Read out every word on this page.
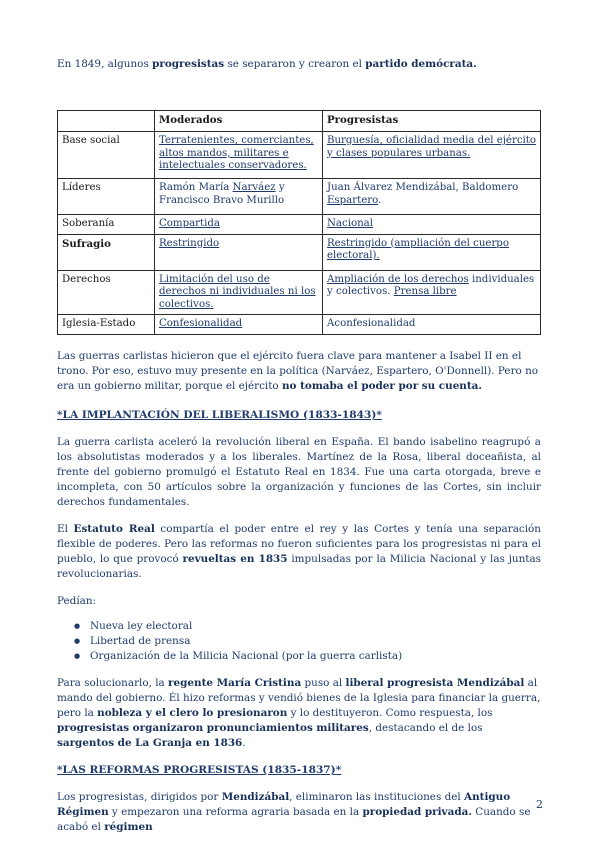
En 1849, algunos progresistas se separaron y crearon el partido demócrata.

	Moderados	Progresistas
Base social	Terratenientes, comerciantes, altos mandos, militares e intelectuales conservadores.	Burguesía, oficialidad media del ejército y clases populares urbanas.
Líderes	Ramón María Narváez y Francisco Bravo Murillo	Juan Álvarez Mendizábal, Baldomero Espartero.
Soberanía	Compartida	Nacional
Sufragio	Restringido	Restringido (ampliación del cuerpo electoral).
Derechos	Limitación del uso de derechos ni individuales ni los colectivos.	Ampliación de los derechos individuales y colectivos. Prensa libre
Iglesia-Estado	Confesionalidad	Aconfesionalidad

Las guerras carlistas hicieron que el ejército fuera clave para mantener a Isabel II en el trono. Por eso, estuvo muy presente en la política (Narváez, Espartero, O'Donnell). Pero no era un gobierno militar, porque el ejército no tomaba el poder por su cuenta.

*LA IMPLANTACIÓN DEL LIBERALISMO (1833-1843)*

La guerra carlista aceleró la revolución liberal en España. El bando isabelino reagrupó a los absolutistas moderados y a los liberales. Martínez de la Rosa, liberal doceañista, al frente del gobierno promulgó el Estatuto Real en 1834. Fue una carta otorgada, breve e incompleta, con 50 artículos sobre la organización y funciones de las Cortes, sin incluir derechos fundamentales.

El Estatuto Real compartía el poder entre el rey y las Cortes y tenía una separación flexible de poderes. Pero las reformas no fueron suficientes para los progresistas ni para el pueblo, lo que provocó revueltas en 1835 impulsadas por la Milicia Nacional y las juntas revolucionarias.

Pedían:

● Nueva ley electoral
● Libertad de prensa
● Organización de la Milicia Nacional (por la guerra carlista)

Para solucionarlo, la regente María Cristina puso al liberal progresista Mendizábal al mando del gobierno. Él hizo reformas y vendió bienes de la Iglesia para financiar la guerra, pero la nobleza y el clero lo presionaron y lo destituyeron. Como respuesta, los progresistas organizaron pronunciamientos militares, destacando el de los sargentos de La Granja en 1836.

*LAS REFORMAS PROGRESISTAS (1835-1837)*

Los progresistas, dirigidos por Mendizábal, eliminaron las instituciones del Antiguo Régimen y empezaron una reforma agraria basada en la propiedad privada. Cuando se acabó el régimen

2
